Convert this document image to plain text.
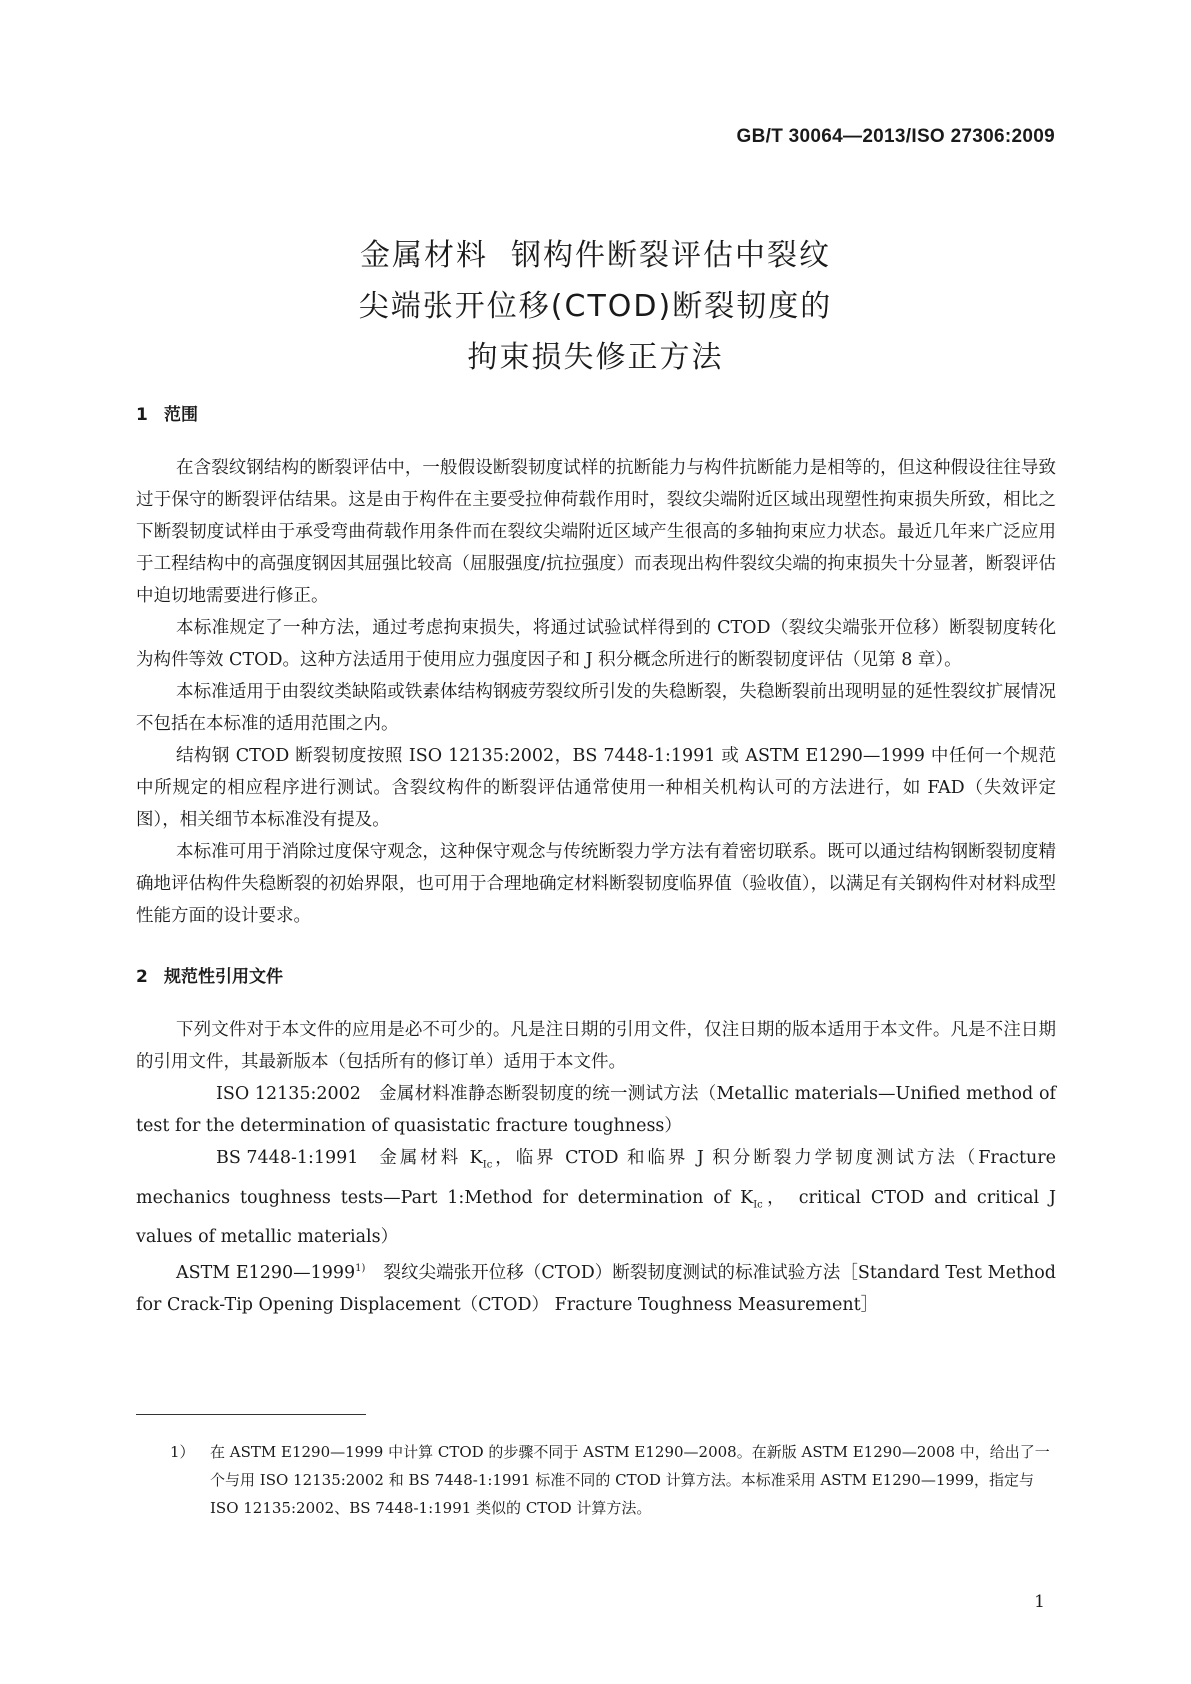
GB/T 30064—2013/ISO 27306:2009
金属材料  钢构件断裂评估中裂纹
尖端张开位移(CTOD)断裂韧度的
拘束损失修正方法
1 范围

在含裂纹钢结构的断裂评估中，一般假设断裂韧度试样的抗断能力与构件抗断能力是相等的，但这种假设往往导致过于保守的断裂评估结果。这是由于构件在主要受拉伸荷载作用时，裂纹尖端附近区域出现塑性拘束损失所致，相比之下断裂韧度试样由于承受弯曲荷载作用条件而在裂纹尖端附近区域产生很高的多轴拘束应力状态。最近几年来广泛应用于工程结构中的高强度钢因其屈强比较高（屈服强度/抗拉强度）而表现出构件裂纹尖端的拘束损失十分显著，断裂评估中迫切地需要进行修正。

本标准规定了一种方法，通过考虑拘束损失，将通过试验试样得到的 CTOD（裂纹尖端张开位移）断裂韧度转化为构件等效 CTOD。这种方法适用于使用应力强度因子和 J 积分概念所进行的断裂韧度评估（见第 8 章）。

本标准适用于由裂纹类缺陷或铁素体结构钢疲劳裂纹所引发的失稳断裂，失稳断裂前出现明显的延性裂纹扩展情况不包括在本标准的适用范围之内。

结构钢 CTOD 断裂韧度按照 ISO 12135:2002，BS 7448-1:1991 或 ASTM E1290—1999 中任何一个规范中所规定的相应程序进行测试。含裂纹构件的断裂评估通常使用一种相关机构认可的方法进行，如 FAD（失效评定图），相关细节本标准没有提及。

本标准可用于消除过度保守观念，这种保守观念与传统断裂力学方法有着密切联系。既可以通过结构钢断裂韧度精确地评估构件失稳断裂的初始界限，也可用于合理地确定材料断裂韧度临界值（验收值），以满足有关钢构件对材料成型性能方面的设计要求。

2 规范性引用文件

下列文件对于本文件的应用是必不可少的。凡是注日期的引用文件，仅注日期的版本适用于本文件。凡是不注日期的引用文件，其最新版本（包括所有的修订单）适用于本文件。

ISO 12135:2002 金属材料准静态断裂韧度的统一测试方法（Metallic materials—Unified method of test for the determination of quasistatic fracture toughness）

BS 7448-1:1991 金属材料 $K_{Ic}$，临界 CTOD 和临界 J 积分断裂力学韧度测试方法（Fracture mechanics toughness tests—Part 1:Method for determination of $K_{Ic}$， critical CTOD and critical J values of metallic materials）

ASTM E1290—1999$^{1)}$ 裂纹尖端张开位移（CTOD）断裂韧度测试的标准试验方法［Standard Test Method for Crack-Tip Opening Displacement（CTOD） Fracture Toughness Measurement］

1） 在 ASTM E1290—1999 中计算 CTOD 的步骤不同于 ASTM E1290—2008。在新版 ASTM E1290—2008 中，给出了一个与用 ISO 12135:2002 和 BS 7448-1:1991 标准不同的 CTOD 计算方法。本标准采用 ASTM E1290—1999，指定与 ISO 12135:2002、BS 7448-1:1991 类似的 CTOD 计算方法。
1
